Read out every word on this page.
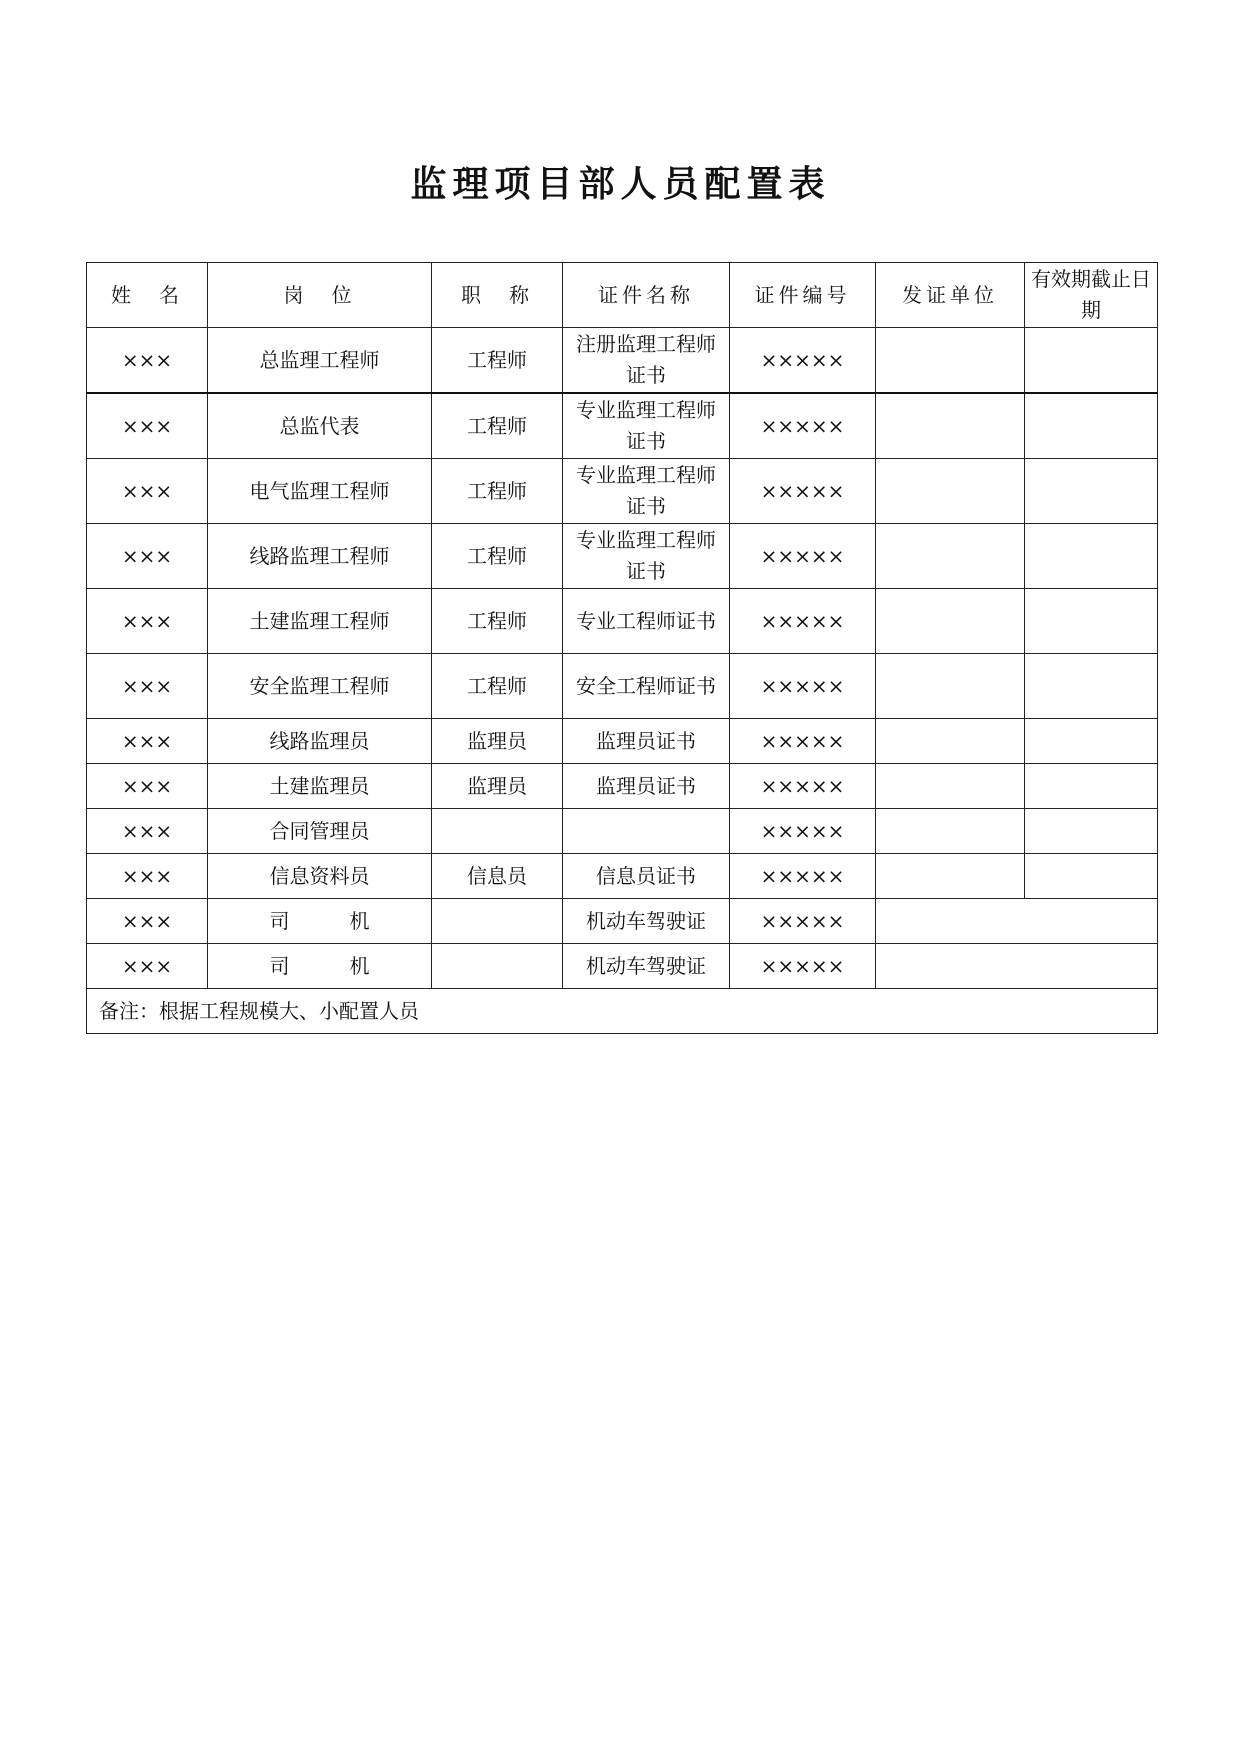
监理项目部人员配置表
姓　名	岗　位	职　称	证件名称	证件编号	发证单位	有效期截止日期
×××	总监理工程师	工程师	注册监理工程师证书	×××××		
×××	总监代表	工程师	专业监理工程师证书	×××××		
×××	电气监理工程师	工程师	专业监理工程师证书	×××××		
×××	线路监理工程师	工程师	专业监理工程师证书	×××××		
×××	土建监理工程师	工程师	专业工程师证书	×××××		
×××	安全监理工程师	工程师	安全工程师证书	×××××		
×××	线路监理员	监理员	监理员证书	×××××		
×××	土建监理员	监理员	监理员证书	×××××		
×××	合同管理员			×××××		
×××	信息资料员	信息员	信息员证书	×××××		
×××	司 机		机动车驾驶证	×××××		
×××	司 机		机动车驾驶证	×××××		
备注：根据工程规模大、小配置人员						
